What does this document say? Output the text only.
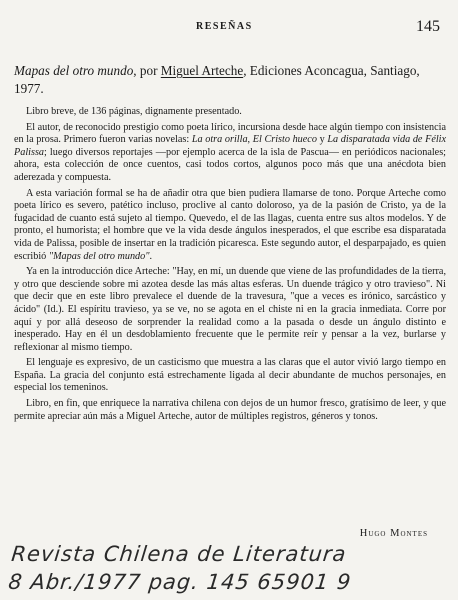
RESEÑAS	145
Mapas del otro mundo, por Miguel Arteche, Ediciones Aconcagua, Santiago, 1977.

Libro breve, de 136 páginas, dignamente presentado.

El autor, de reconocido prestigio como poeta lírico, incursiona desde hace algún tiempo con insistencia en la prosa. Primero fueron varias novelas: La otra orilla, El Cristo hueco y La disparatada vida de Félix Palissa; luego diversos reportajes —por ejemplo acerca de la isla de Pascua— en periódicos nacionales; ahora, esta colección de once cuentos, casi todos cortos, algunos poco más que una anécdota bien aderezada y compuesta.

A esta variación formal se ha de añadir otra que bien pudiera llamarse de tono. Porque Arteche como poeta lírico es severo, patético incluso, proclive al canto doloroso, ya de la pasión de Cristo, ya de la fugacidad de cuanto está sujeto al tiempo. Quevedo, el de las llagas, cuenta entre sus altos modelos. Y de pronto, el humorista; el hombre que ve la vida desde ángulos inesperados, el que escribe esa disparatada vida de Palissa, posible de insertar en la tradición picaresca. Este segundo autor, el desparpajado, es quien escribió "Mapas del otro mundo".

Ya en la introducción dice Arteche: "Hay, en mí, un duende que viene de las profundidades de la tierra, y otro que desciende sobre mi azotea desde las más altas esferas. Un duende trágico y otro travieso". Ni que decir que en este libro prevalece el duende de la travesura, "que a veces es irónico, sarcástico y ácido" (Id.). El espíritu travieso, ya se ve, no se agota en el chiste ni en la gracia inmediata. Corre por aquí y por allá deseoso de sorprender la realidad como a la pasada o desde un ángulo distinto e inesperado. Hay en él un desdoblamiento frecuente que le permite reír y pensar a la vez, burlarse y reflexionar al mismo tiempo.

El lenguaje es expresivo, de un casticismo que muestra a las claras que el autor vivió largo tiempo en España. La gracia del conjunto está estrechamente ligada al decir abundante de muchos personajes, en especial los temeninos.

Libro, en fin, que enriquece la narrativa chilena con dejos de un humor fresco, gratísimo de leer, y que permite apreciar aún más a Miguel Arteche, autor de múltiples registros, géneros y tonos.

Hugo Montes
Revista Chilena de Literatura
8 Abr./1977 pag. 145 65901 9
